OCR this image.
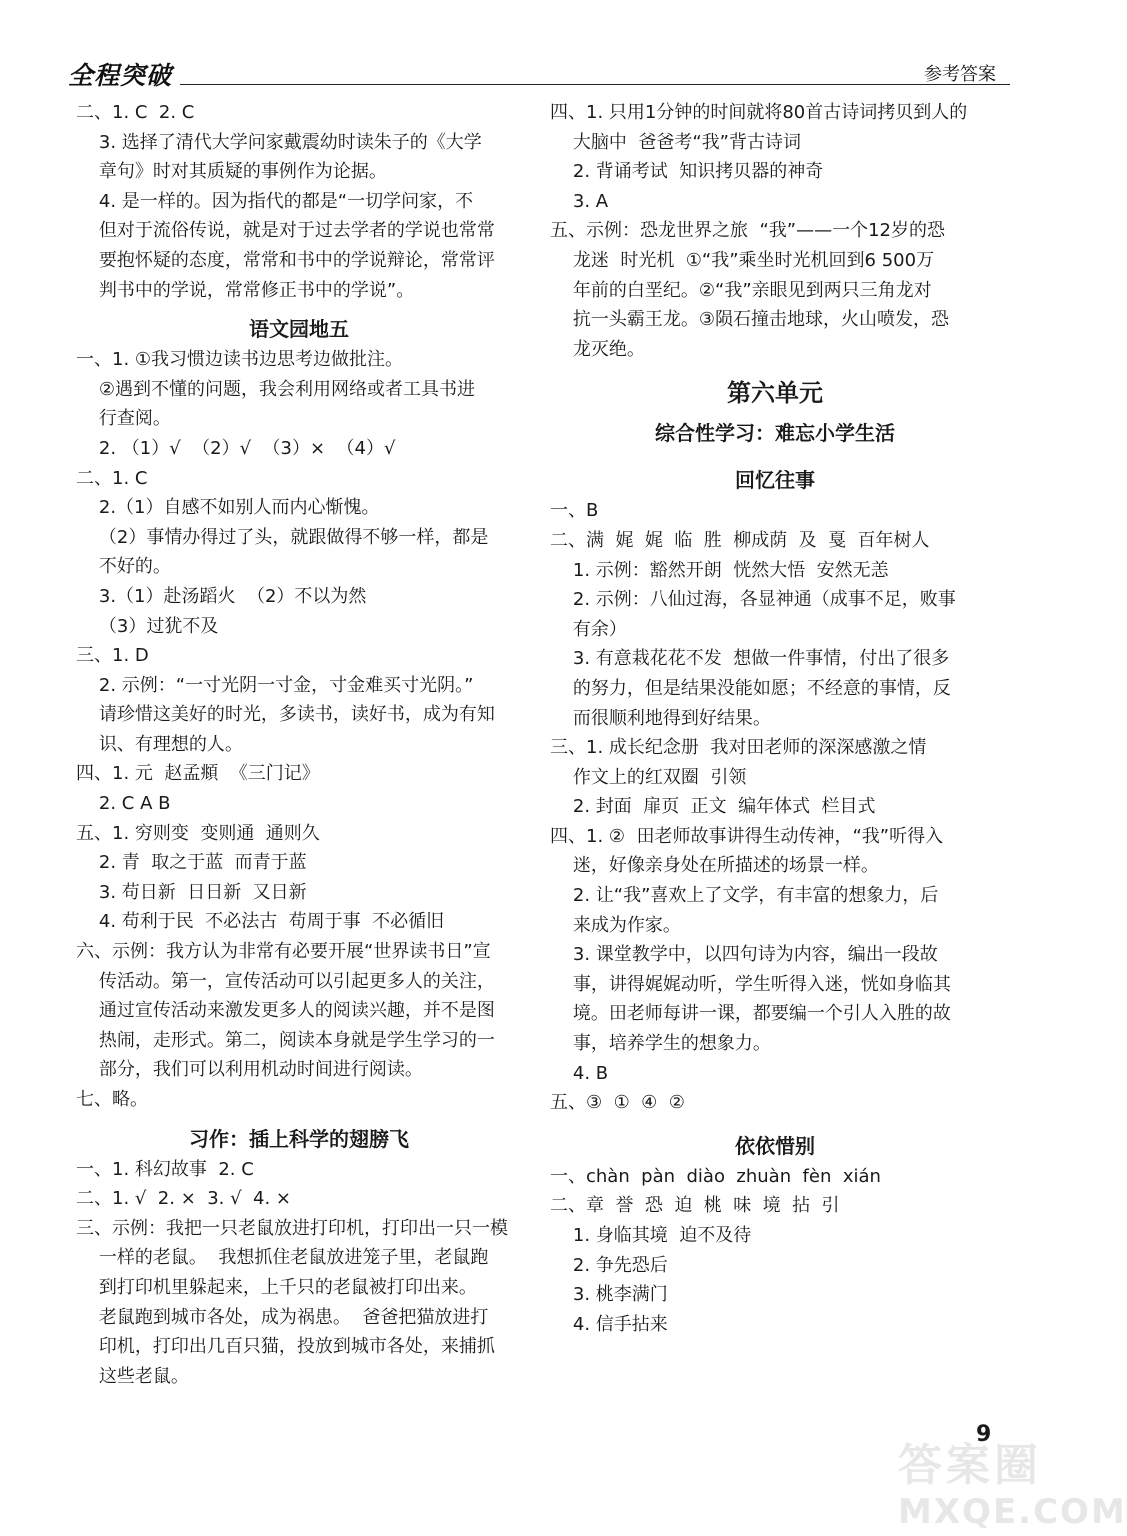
全程突破	参考答案
二、1. C  2. C
3. 选择了清代大学问家戴震幼时读朱子的《大学
章句》时对其质疑的事例作为论据。
4. 是一样的。因为指代的都是“一切学问家，不
但对于流俗传说，就是对于过去学者的学说也常常
要抱怀疑的态度，常常和书中的学说辩论，常常评
判书中的学说，常常修正书中的学说”。
语文园地五
一、1. ①我习惯边读书边思考边做批注。
②遇到不懂的问题，我会利用网络或者工具书进
行查阅。
2. （1）√  （2）√  （3）×  （4）√
二、1. C
2.（1）自感不如别人而内心惭愧。
（2）事情办得过了头，就跟做得不够一样，都是
不好的。
3.（1）赴汤蹈火  （2）不以为然
（3）过犹不及
三、1. D
2. 示例：“一寸光阴一寸金，寸金难买寸光阴。”
请珍惜这美好的时光，多读书，读好书，成为有知
识、有理想的人。
四、1. 元  赵孟頫  《三门记》
2. C A B
五、1. 穷则变  变则通  通则久
2. 青  取之于蓝  而青于蓝
3. 苟日新  日日新  又日新
4. 苟利于民  不必法古  苟周于事  不必循旧
六、示例：我方认为非常有必要开展“世界读书日”宣
传活动。第一，宣传活动可以引起更多人的关注，
通过宣传活动来激发更多人的阅读兴趣，并不是图
热闹，走形式。第二，阅读本身就是学生学习的一
部分，我们可以利用机动时间进行阅读。
七、略。
习作：插上科学的翅膀飞
一、1. 科幻故事  2. C
二、1. √  2. ×  3. √  4. ×
三、示例：我把一只老鼠放进打印机，打印出一只一模
一样的老鼠。  我想抓住老鼠放进笼子里，老鼠跑
到打印机里躲起来，上千只的老鼠被打印出来。
老鼠跑到城市各处，成为祸患。  爸爸把猫放进打
印机，打印出几百只猫，投放到城市各处，来捕抓
这些老鼠。
四、1. 只用1分钟的时间就将80首古诗词拷贝到人的
大脑中  爸爸考“我”背古诗词
2. 背诵考试  知识拷贝器的神奇
3. A
五、示例：恐龙世界之旅  “我”——一个12岁的恐
龙迷  时光机  ①“我”乘坐时光机回到6 500万
年前的白垩纪。②“我”亲眼见到两只三角龙对
抗一头霸王龙。③陨石撞击地球，火山喷发，恐
龙灭绝。
第六单元
综合性学习：难忘小学生活
回忆往事
一、B
二、满  娓  娓  临  胜  柳成荫  及  戛  百年树人
1. 示例：豁然开朗  恍然大悟  安然无恙
2. 示例：八仙过海，各显神通（成事不足，败事
有余）
3. 有意栽花花不发  想做一件事情，付出了很多
的努力，但是结果没能如愿；不经意的事情，反
而很顺利地得到好结果。
三、1. 成长纪念册  我对田老师的深深感激之情
作文上的红双圈  引领
2. 封面  扉页  正文  编年体式  栏目式
四、1. ②  田老师故事讲得生动传神，“我”听得入
迷，好像亲身处在所描述的场景一样。
2. 让“我”喜欢上了文学，有丰富的想象力，后
来成为作家。
3. 课堂教学中，以四句诗为内容，编出一段故
事，讲得娓娓动听，学生听得入迷，恍如身临其
境。田老师每讲一课，都要编一个引人入胜的故
事，培养学生的想象力。
4. B
五、③  ①  ④  ②
依依惜别
一、chàn  pàn  diào  zhuàn  fèn  xián
二、章  誉  恐  迫  桃  味  境  拈  引
1. 身临其境  迫不及待
2. 争先恐后
3. 桃李满门
4. 信手拈来
9
答案圈
MXQE.COM
